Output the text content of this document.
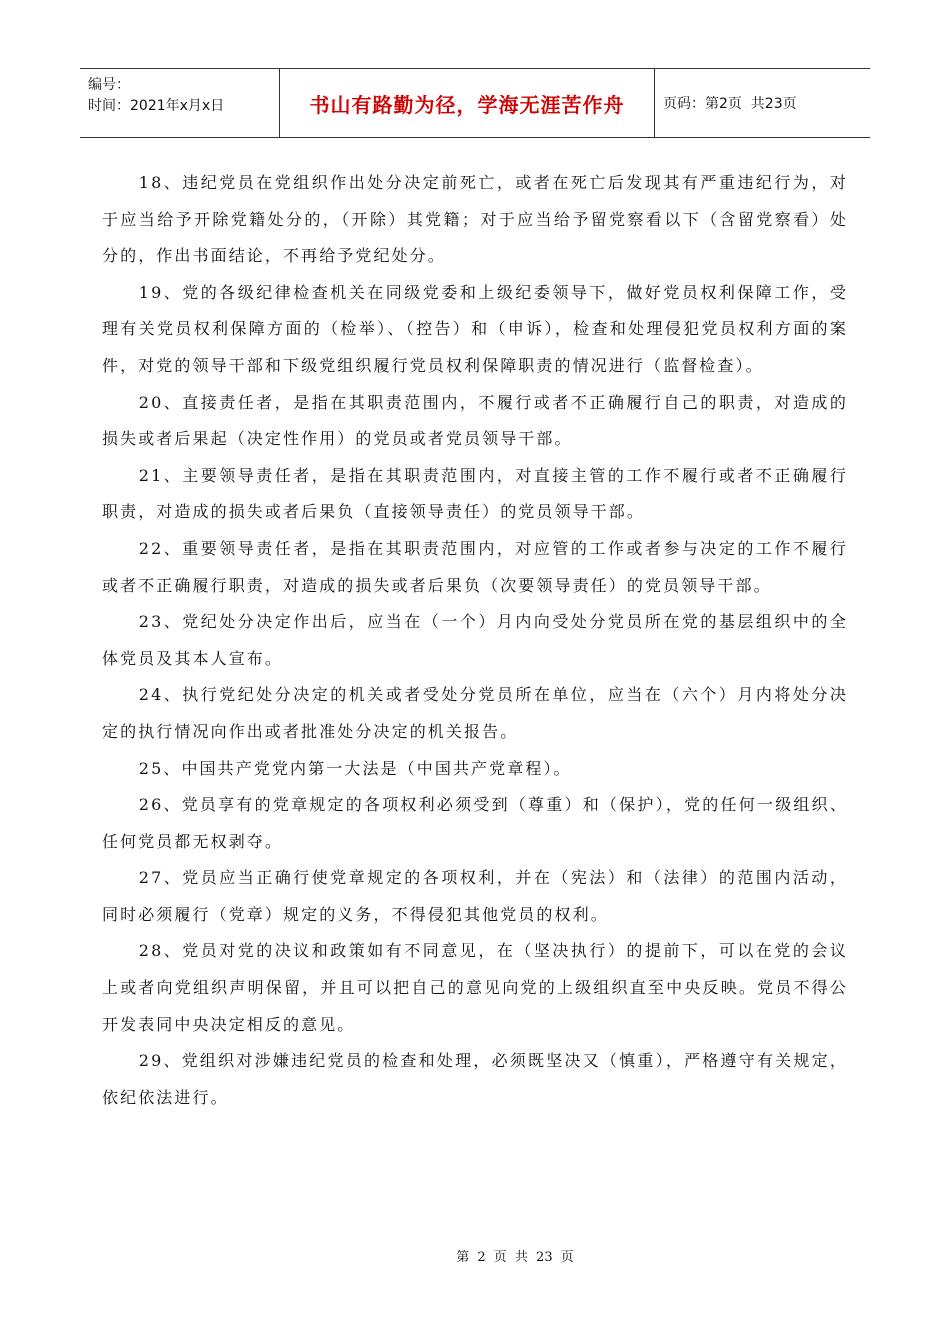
编号：
时间：2021年x月x日	书山有路勤为径，学海无涯苦作舟	页码：第2页  共23页

18、违纪党员在党组织作出处分决定前死亡，或者在死亡后发现其有严重违纪行为，对于应当给予开除党籍处分的，（开除）其党籍；对于应当给予留党察看以下（含留党察看）处分的，作出书面结论，不再给予党纪处分。

19、党的各级纪律检查机关在同级党委和上级纪委领导下，做好党员权利保障工作，受理有关党员权利保障方面的（检举）、（控告）和（申诉），检查和处理侵犯党员权利方面的案件，对党的领导干部和下级党组织履行党员权利保障职责的情况进行（监督检查）。

20、直接责任者，是指在其职责范围内，不履行或者不正确履行自己的职责，对造成的损失或者后果起（决定性作用）的党员或者党员领导干部。

21、主要领导责任者，是指在其职责范围内，对直接主管的工作不履行或者不正确履行职责，对造成的损失或者后果负（直接领导责任）的党员领导干部。

22、重要领导责任者，是指在其职责范围内，对应管的工作或者参与决定的工作不履行或者不正确履行职责，对造成的损失或者后果负（次要领导责任）的党员领导干部。

23、党纪处分决定作出后，应当在（一个）月内向受处分党员所在党的基层组织中的全体党员及其本人宣布。

24、执行党纪处分决定的机关或者受处分党员所在单位，应当在（六个）月内将处分决定的执行情况向作出或者批准处分决定的机关报告。

25、中国共产党党内第一大法是（中国共产党章程）。

26、党员享有的党章规定的各项权利必须受到（尊重）和（保护），党的任何一级组织、任何党员都无权剥夺。

27、党员应当正确行使党章规定的各项权利，并在（宪法）和（法律）的范围内活动，同时必须履行（党章）规定的义务，不得侵犯其他党员的权利。

28、党员对党的决议和政策如有不同意见，在（坚决执行）的提前下，可以在党的会议上或者向党组织声明保留，并且可以把自己的意见向党的上级组织直至中央反映。党员不得公开发表同中央决定相反的意见。

29、党组织对涉嫌违纪党员的检查和处理，必须既坚决又（慎重），严格遵守有关规定，依纪依法进行。

第 2 页 共 23 页
